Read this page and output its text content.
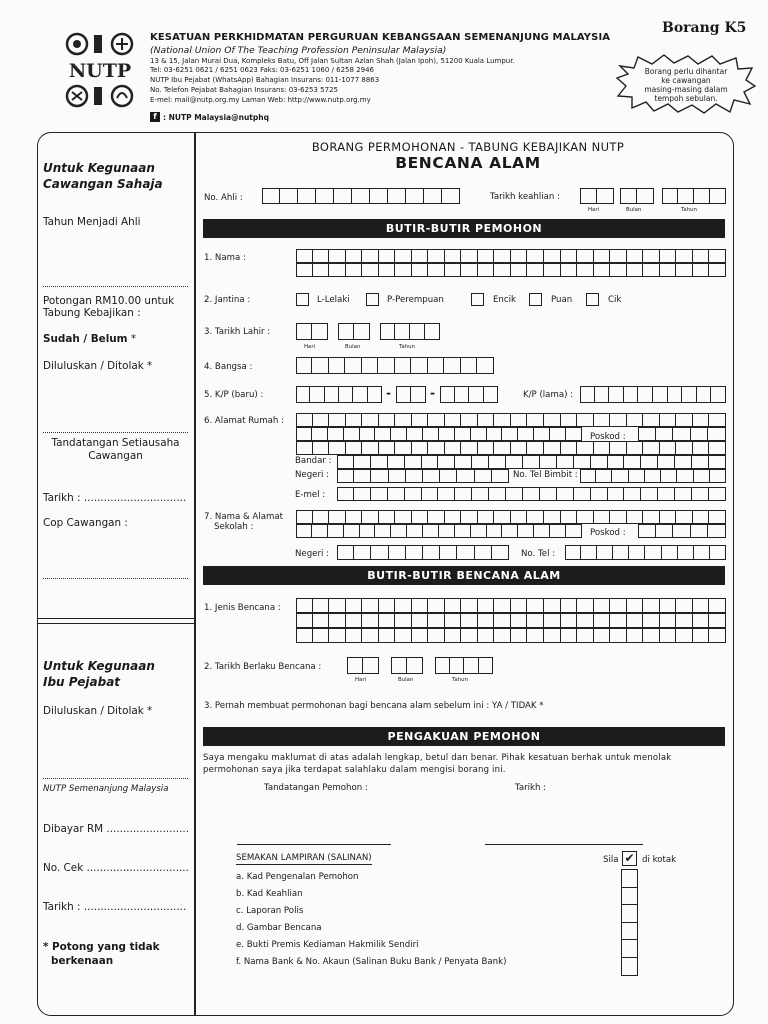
NUTP
KESATUAN PERKHIDMATAN PERGURUAN KEBANGSAAN SEMENANJUNG MALAYSIA
(National Union Of The Teaching Profession Peninsular Malaysia)
13 & 15, Jalan Murai Dua, Kompleks Batu, Off Jalan Sultan Azlan Shah (Jalan Ipoh), 51200 Kuala Lumpur.
Tel: 03-6251 0621 / 6251 0623 Faks: 03-6251 1060 / 6258 2946
NUTP Ibu Pejabat (WhatsApp) Bahagian Insurans: 011-1077 8863
No. Telefon Pejabat Bahagian Insurans: 03-6253 5725
E-mel: mail@nutp.org.my Laman Web: http://www.nutp.org.my
f : NUTP Malaysia@nutphq
Borang K5
Borang perlu dihantar
ke cawangan
masing-masing dalam
tempoh sebulan.
Untuk Kegunaan
Cawangan Sahaja
Tahun Menjadi Ahli
Potongan RM10.00 untuk
Tabung Kebajikan :
Sudah / Belum *
Diluluskan / Ditolak *
Tandatangan Setiausaha
Cawangan
Tarikh : ...............................
Cop Cawangan :
Untuk Kegunaan
Ibu Pejabat
Diluluskan / Ditolak *
NUTP Semenanjung Malaysia
Dibayar RM .........................
No. Cek ...............................
Tarikh : ...............................
* Potong yang tidak
berkenaan
BORANG PERMOHONAN - TABUNG KEBAJIKAN NUTP
BENCANA ALAM
No. Ahli :	Tarikh keahlian :
Hari	Bulan	Tahun
BUTIR-BUTIR PEMOHON
1. Nama :
2. Jantina :	L-Lelaki	P-Perempuan	Encik	Puan	Cik
3. Tarikh Lahir :
Hari	Bulan	Tahun
4. Bangsa :
5. K/P (baru) :	-	-	K/P (lama) :
6. Alamat Rumah :
Poskod :
Bandar :
Negeri :	No. Tel Bimbit :
E-mel :
7. Nama & Alamat
Sekolah :
Poskod :
Negeri :	No. Tel :
BUTIR-BUTIR BENCANA ALAM
1. Jenis Bencana :
2. Tarikh Berlaku Bencana :
Hari	Bulan	Tahun
3. Pernah membuat permohonan bagi bencana alam sebelum ini : YA / TIDAK *
PENGAKUAN PEMOHON
Saya mengaku maklumat di atas adalah lengkap, betul dan benar. Pihak kesatuan berhak untuk menolak permohonan saya jika terdapat salahlaku dalam mengisi borang ini.
Tandatangan Pemohon :	Tarikh :
SEMAKAN LAMPIRAN (SALINAN)	Sila ✔ di kotak
a. Kad Pengenalan Pemohon
b. Kad Keahlian
c. Laporan Polis
d. Gambar Bencana
e. Bukti Premis Kediaman Hakmilik Sendiri
f. Nama Bank & No. Akaun (Salinan Buku Bank / Penyata Bank)
